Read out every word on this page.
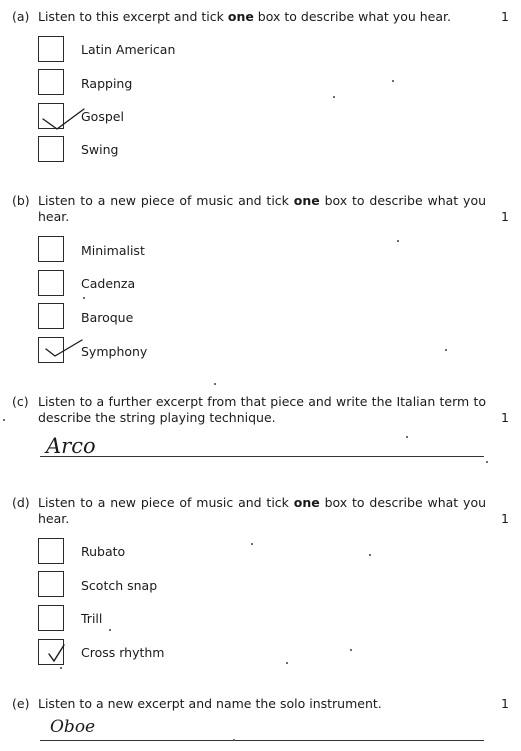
(a) Listen to this excerpt and tick one box to describe what you hear.	1
Latin American
Rapping
Gospel
Swing
(b) Listen to a new piece of music and tick one box to describe what you hear.	1
Minimalist
Cadenza
Baroque
Symphony
(c) Listen to a further excerpt from that piece and write the Italian term to describe the string playing technique.	1
Arco
(d) Listen to a new piece of music and tick one box to describe what you hear.	1
Rubato
Scotch snap
Trill
Cross rhythm
(e) Listen to a new excerpt and name the solo instrument.	1
Oboe
